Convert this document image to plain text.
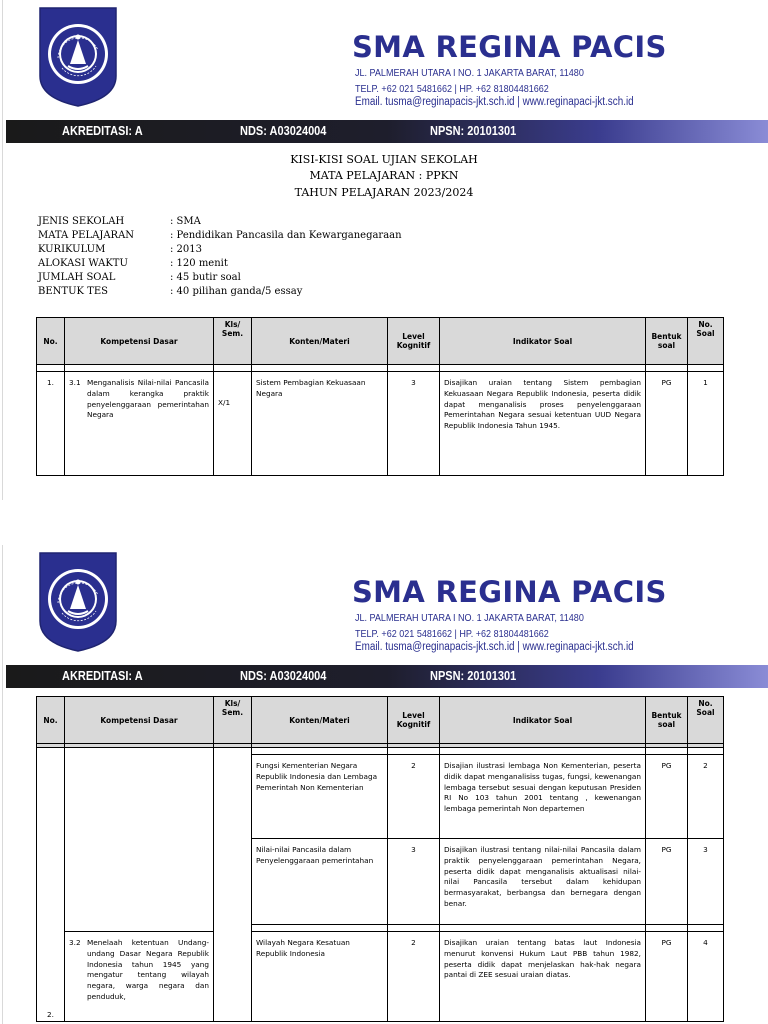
SMA REGINA PACIS
JL. PALMERAH UTARA I NO. 1 JAKARTA BARAT, 11480
TELP. +62 021 5481662 | HP. +62 81804481662
Email. tusma@reginapacis-jkt.sch.id | www.reginapaci-jkt.sch.id
AKREDITASI: A	NDS: A03024004	NPSN: 20101301
KISI-KISI SOAL UJIAN SEKOLAH
MATA PELAJARAN : PPKN
TAHUN PELAJARAN 2023/2024
JENIS SEKOLAH	: SMA
MATA PELAJARAN	: Pendidikan Pancasila dan Kewarganegaraan
KURIKULUM	: 2013
ALOKASI WAKTU	: 120 menit
JUMLAH SOAL	: 45 butir soal
BENTUK TES	: 40 pilihan ganda/5 essay
No.	Kompetensi Dasar	Kls/ Sem.	Konten/Materi	Level Kognitif	Indikator Soal	Bentuk soal	No. Soal

1.	3.1 Menganalisis Nilai-nilai Pancasila dalam kerangka praktik penyelenggaraan pemerintahan Negara	X/1	Sistem Pembagian Kekuasaan Negara	3	Disajikan uraian tentang Sistem pembagian Kekuasaan Negara Republik Indonesia, peserta didik dapat menganalisis proses penyelenggaraan Pemerintahan Negara sesuai ketentuan UUD Negara Republik Indonesia Tahun 1945.	PG	1
SMA REGINA PACIS
JL. PALMERAH UTARA I NO. 1 JAKARTA BARAT, 11480
TELP. +62 021 5481662 | HP. +62 81804481662
Email. tusma@reginapacis-jkt.sch.id | www.reginapaci-jkt.sch.id
AKREDITASI: A	NDS: A03024004	NPSN: 20101301
No.	Kompetensi Dasar	Kls/ Sem.	Konten/Materi	Level Kognitif	Indikator Soal	Bentuk soal	No. Soal

2.							
			Fungsi Kementerian Negara Republik Indonesia dan Lembaga Pemerintah Non Kementerian	2	Disajian ilustrasi lembaga Non Kementerian, peserta didik dapat menganalisiss tugas, fungsi, kewenangan lembaga tersebut sesuai dengan keputusan Presiden RI No 103 tahun 2001 tentang , kewenangan lembaga pemerintah Non departemen	PG	2
			Nilai-nilai Pancasila dalam Penyelenggaraan pemerintahan	3	Disajikan ilustrasi tentang nilai-nilai Pancasila dalam praktik penyelenggaraan pemerintahan Negara, peserta didik dapat menganalisis aktualisasi nilai-nilai Pancasila tersebut dalam kehidupan bermasyarakat, berbangsa dan bernegara dengan benar.	PG	3

	3.2 Menelaah ketentuan Undang-undang Dasar Negara Republik Indonesia tahun 1945 yang mengatur tentang wilayah negara, warga negara dan penduduk,		Wilayah Negara Kesatuan Republik Indonesia	2	Disajikan uraian tentang batas laut Indonesia menurut konvensi Hukum Laut PBB tahun 1982, peserta didik dapat menjelaskan hak-hak negara pantai di ZEE sesuai uraian diatas.	PG	4
